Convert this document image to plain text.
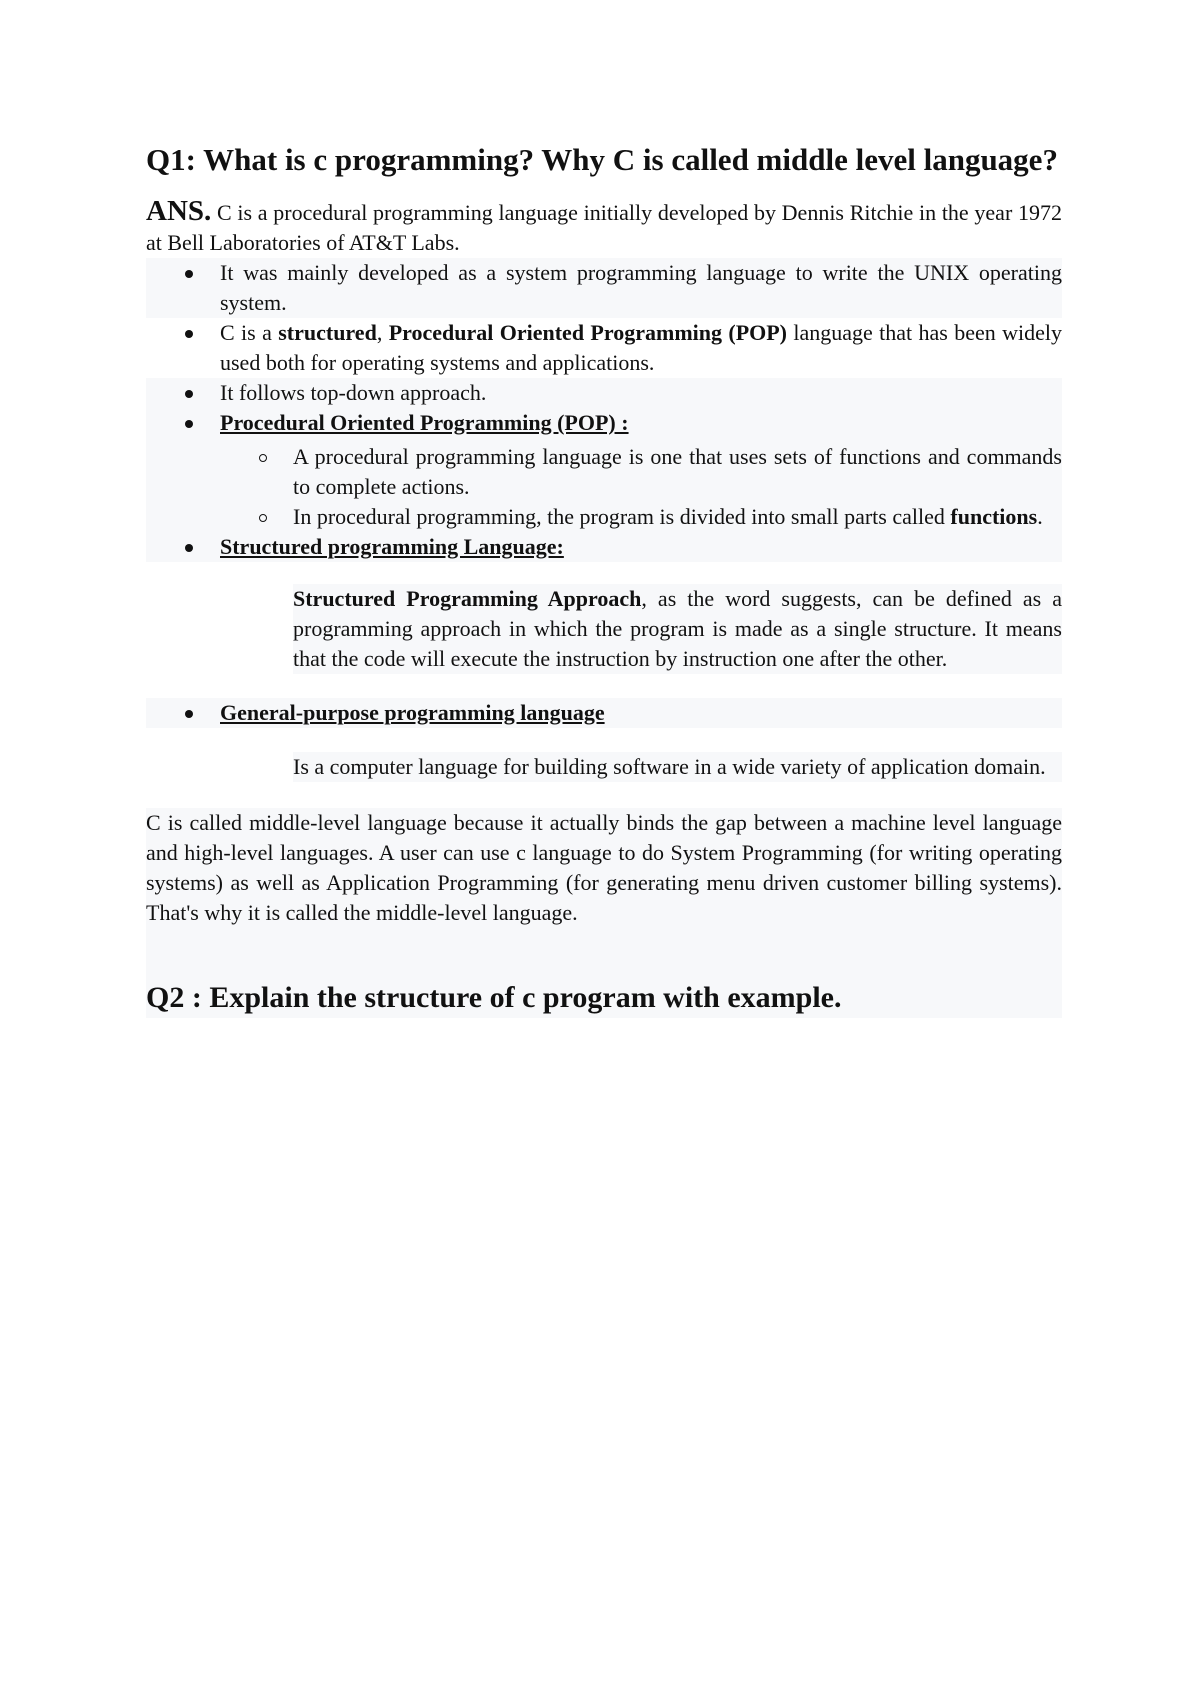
Q1: What is c programming? Why C is called middle level language?
ANS. C is a procedural programming language initially developed by Dennis Ritchie in the year 1972 at Bell Laboratories of AT&T Labs.
It was mainly developed as a system programming language to write the UNIX operating system.
C is a structured, Procedural Oriented Programming (POP) language that has been widely used both for operating systems and applications.
It follows top-down approach.
Procedural Oriented Programming (POP) :
A procedural programming language is one that uses sets of functions and commands to complete actions.
In procedural programming, the program is divided into small parts called functions.
Structured programming Language:
Structured Programming Approach, as the word suggests, can be defined as a programming approach in which the program is made as a single structure. It means that the code will execute the instruction by instruction one after the other.
General-purpose programming language
Is a computer language for building software in a wide variety of application domain.
C is called middle-level language because it actually binds the gap between a machine level language and high-level languages. A user can use c language to do System Programming (for writing operating systems) as well as Application Programming (for generating menu driven customer billing systems). That's why it is called the middle-level language.
Q2 : Explain the structure of c program with example.
